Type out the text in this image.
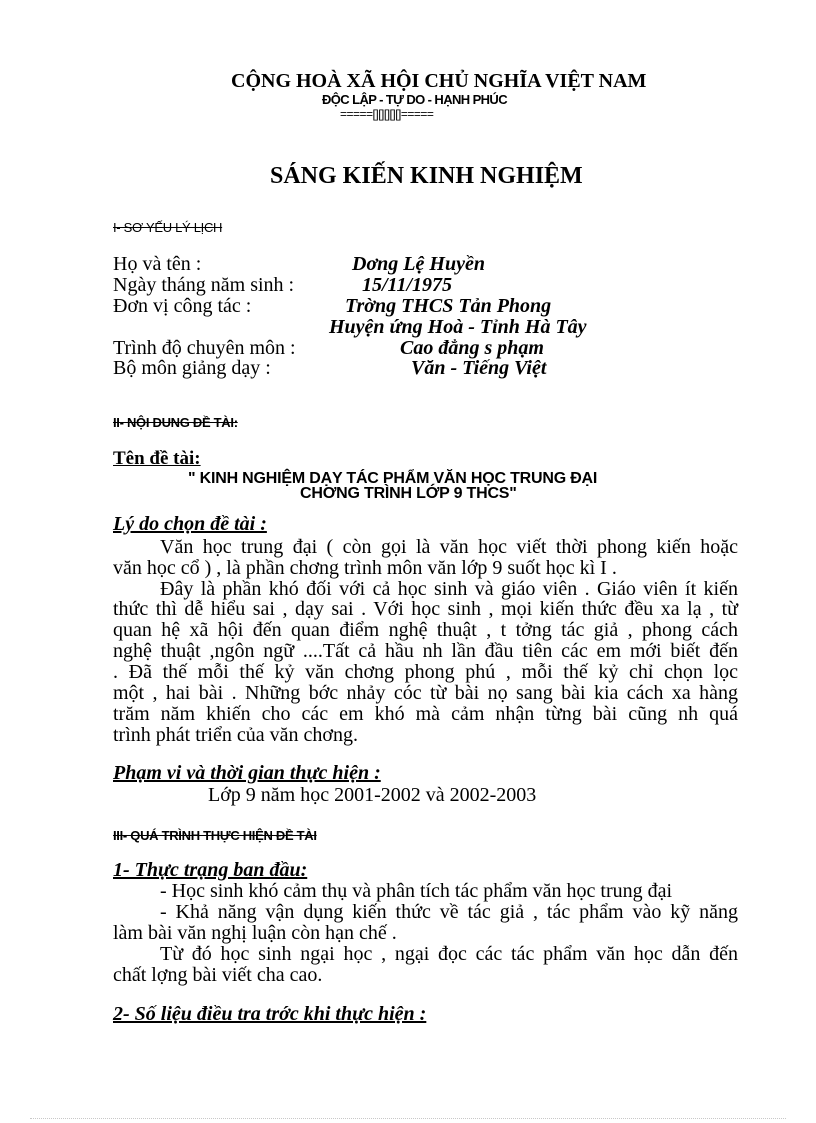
CỘNG HOÀ XÃ HỘI CHỦ NGHĨA VIỆT NAM
ĐỘC LẬP - TỰ DO - HẠNH PHÚC
=====[][][][][]=====
SÁNG KIẾN KINH NGHIỆM
I- SƠ YẾU LÝ LỊCH
Họ và tên :	Dơng Lệ Huyền
Ngày tháng năm sinh :	15/11/1975
Đơn vị công tác :	Trờng THCS Tản Phong
Huyện ứng Hoà - Tỉnh Hà Tây
Trình độ chuyên môn :	Cao đẳng s phạm
Bộ môn giảng dạy :	Văn - Tiếng Việt
II- NỘI DUNG ĐỀ TÀI:
Tên đề tài:
" KINH NGHIỆM DẠY TÁC PHẨM VĂN HỌC TRUNG ĐẠI
CHƠNG TRÌNH LỚP 9 THCS"
Lý do chọn đề tài :
Văn học trung đại ( còn gọi là văn học viết thời phong kiến hoặc
văn học cổ ) , là phần chơng trình môn văn lớp 9 suốt học kì I .
Đây là phần khó đối với cả học sinh và giáo viên . Giáo viên ít kiến
thức thì dễ hiểu sai , dạy sai . Với học sinh , mọi kiến thức đều xa lạ , từ
quan hệ xã hội đến quan điểm nghệ thuật , t tởng tác giả , phong cách
nghệ thuật ,ngôn ngữ ....Tất cả hầu nh lần đầu tiên các em mới biết đến
. Đã thế mỗi thế kỷ văn chơng phong phú , mỗi thế kỷ chỉ chọn lọc
một , hai bài . Những bớc nhảy cóc từ bài nọ sang bài kia cách xa hàng
trăm năm khiến cho các em khó mà cảm nhận từng bài cũng nh quá
trình phát triển của văn chơng.
Phạm vi và thời gian thực hiện :
Lớp 9 năm học 2001-2002 và 2002-2003
III- QUÁ TRÌNH THỰC HIỆN ĐỀ TÀI
1- Thực trạng ban đầu:
- Học sinh khó cảm thụ và phân tích tác phẩm văn học trung đại
- Khả năng vận dụng kiến thức về tác giả , tác phẩm vào kỹ năng
làm bài văn nghị luận còn hạn chế .
Từ đó học sinh ngại học , ngại đọc các tác phẩm văn học dẫn đến
chất lợng bài viết cha cao.
2- Số liệu điều tra trớc khi thực hiện :
